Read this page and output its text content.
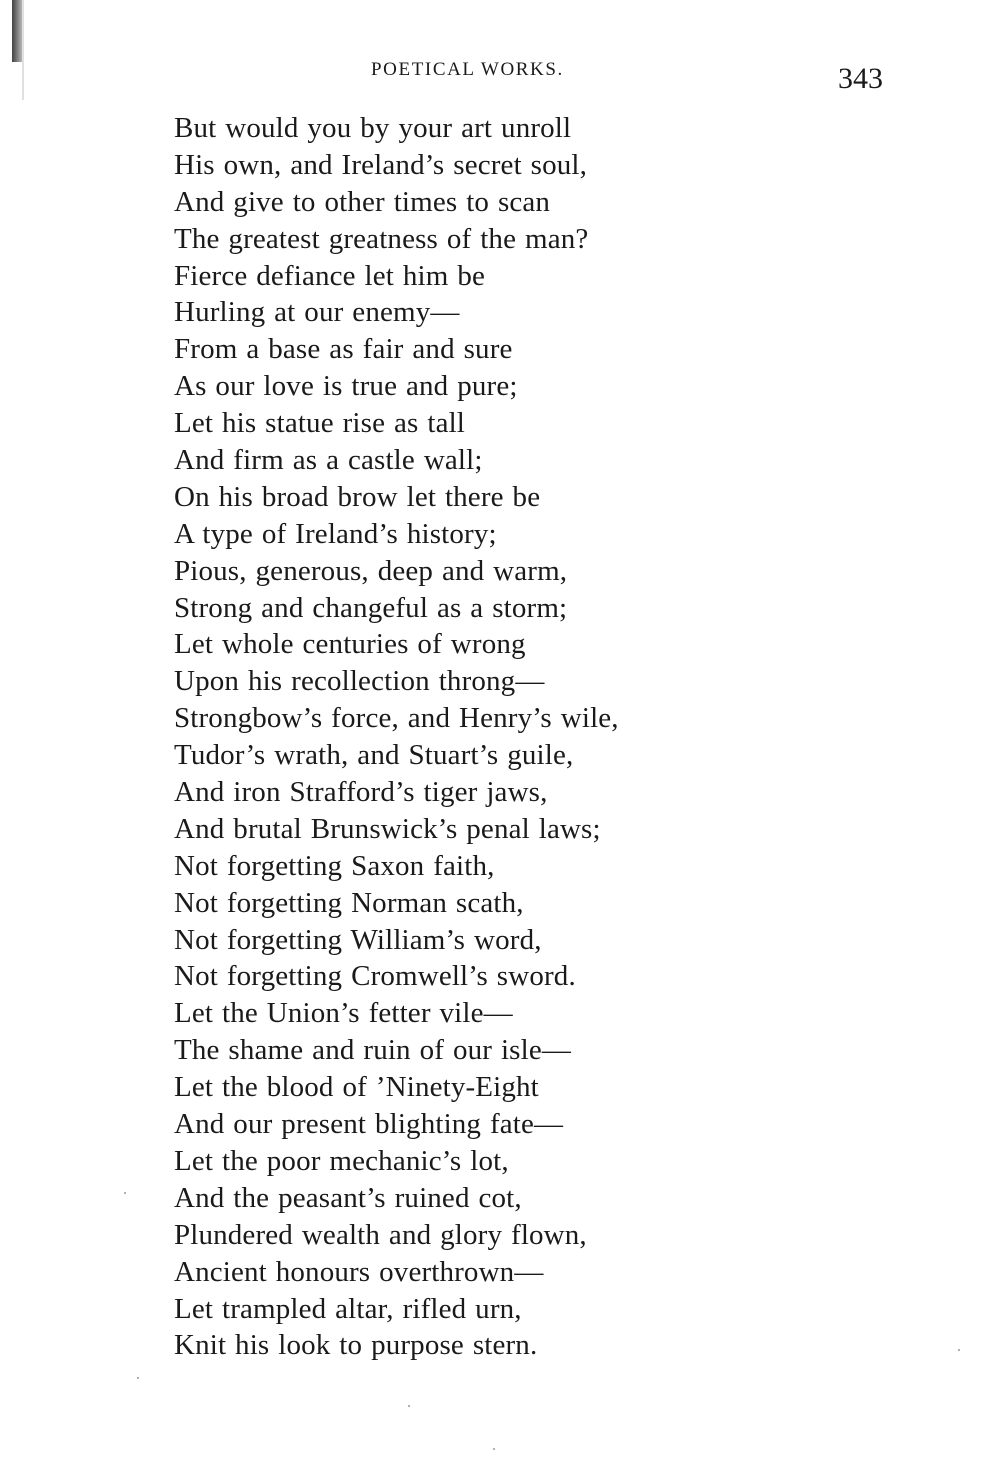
POETICAL WORKS.	343
But would you by your art unroll
His own, and Ireland’s secret soul,
And give to other times to scan
The greatest greatness of the man?
Fierce defiance let him be
Hurling at our enemy—
From a base as fair and sure
As our love is true and pure;
Let his statue rise as tall
And firm as a castle wall;
On his broad brow let there be
A type of Ireland’s history;
Pious, generous, deep and warm,
Strong and changeful as a storm;
Let whole centuries of wrong
Upon his recollection throng—
Strongbow’s force, and Henry’s wile,
Tudor’s wrath, and Stuart’s guile,
And iron Strafford’s tiger jaws,
And brutal Brunswick’s penal laws;
Not forgetting Saxon faith,
Not forgetting Norman scath,
Not forgetting William’s word,
Not forgetting Cromwell’s sword.
Let the Union’s fetter vile—
The shame and ruin of our isle—
Let the blood of ’Ninety-Eight
And our present blighting fate—
Let the poor mechanic’s lot,
And the peasant’s ruined cot,
Plundered wealth and glory flown,
Ancient honours overthrown—
Let trampled altar, rifled urn,
Knit his look to purpose stern.
